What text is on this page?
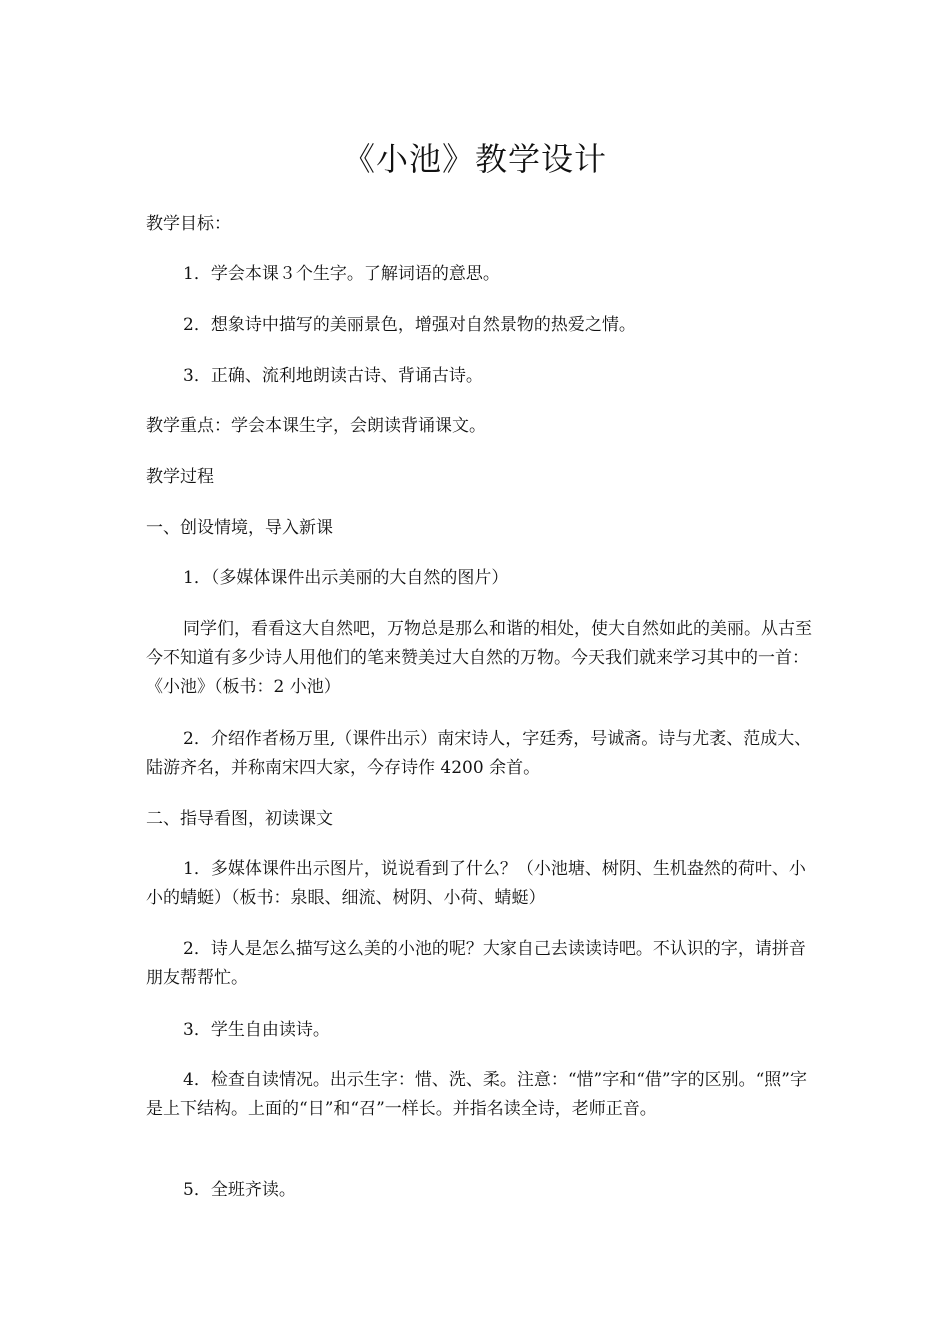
《小池》教学设计

教学目标：

1．学会本课３个生字。了解词语的意思。

2．想象诗中描写的美丽景色，增强对自然景物的热爱之情。

3．正确、流利地朗读古诗、背诵古诗。

教学重点：学会本课生字，会朗读背诵课文。

教学过程

一、创设情境，导入新课

1．（多媒体课件出示美丽的大自然的图片）

同学们，看看这大自然吧，万物总是那么和谐的相处，使大自然如此的美丽。从古至今不知道有多少诗人用他们的笔来赞美过大自然的万物。今天我们就来学习其中的一首：《小池》（板书：2 小池）

2．介绍作者杨万里,（课件出示）南宋诗人，字廷秀，号诚斋。诗与尤袤、范成大、陆游齐名，并称南宋四大家，今存诗作 4200 余首。

二、指导看图，初读课文

1．多媒体课件出示图片，说说看到了什么？（小池塘、树阴、生机盎然的荷叶、小小的蜻蜓）（板书：泉眼、细流、树阴、小荷、蜻蜓）

2．诗人是怎么描写这么美的小池的呢？大家自己去读读诗吧。不认识的字，请拼音朋友帮帮忙。

3．学生自由读诗。

4．检查自读情况。出示生字：惜、洗、柔。注意：“惜”字和“借”字的区别。“照”字是上下结构。上面的“日”和“召”一样长。并指名读全诗，老师正音。

5．全班齐读。
